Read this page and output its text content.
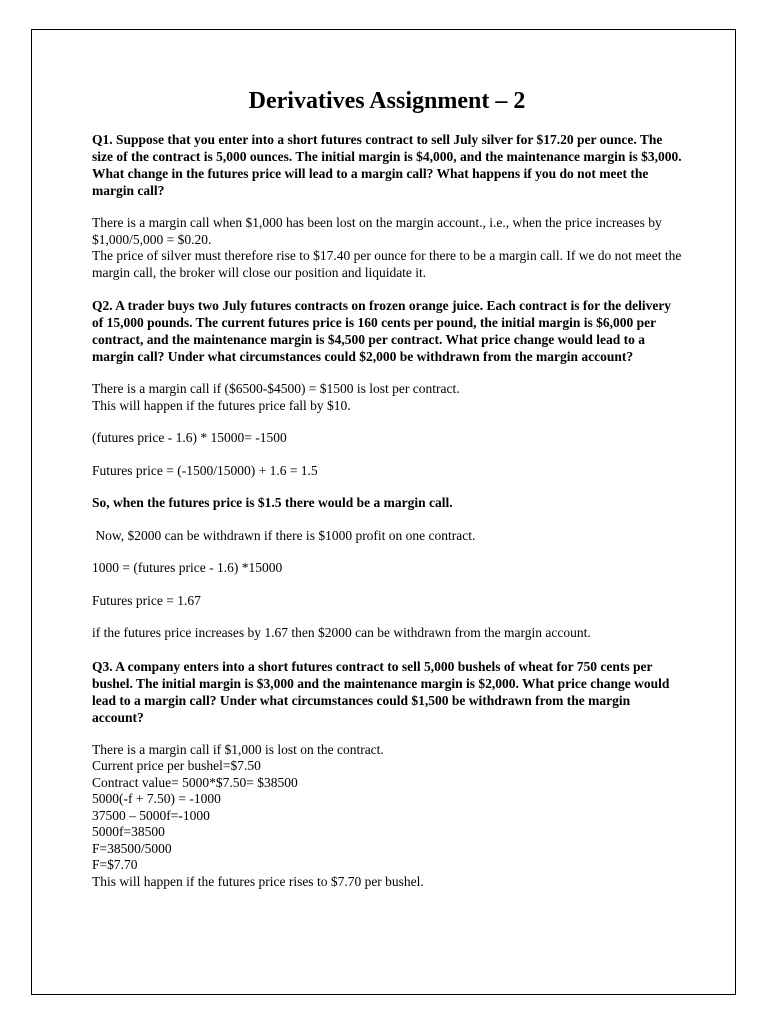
Derivatives Assignment – 2

Q1. Suppose that you enter into a short futures contract to sell July silver for $17.20 per ounce. The size of the contract is 5,000 ounces. The initial margin is $4,000, and the maintenance margin is $3,000. What change in the futures price will lead to a margin call? What happens if you do not meet the margin call?

There is a margin call when $1,000 has been lost on the margin account., i.e., when the price increases by $1,000/5,000 = $0.20.

The price of silver must therefore rise to $17.40 per ounce for there to be a margin call. If we do not meet the margin call, the broker will close our position and liquidate it.

Q2. A trader buys two July futures contracts on frozen orange juice. Each contract is for the delivery of 15,000 pounds. The current futures price is 160 cents per pound, the initial margin is $6,000 per contract, and the maintenance margin is $4,500 per contract. What price change would lead to a margin call? Under what circumstances could $2,000 be withdrawn from the margin account?

There is a margin call if ($6500-$4500) = $1500 is lost per contract.

This will happen if the futures price fall by $10.

(futures price - 1.6) * 15000= -1500

Futures price = (-1500/15000) + 1.6 = 1.5

So, when the futures price is $1.5 there would be a margin call.

Now, $2000 can be withdrawn if there is $1000 profit on one contract.

1000 = (futures price - 1.6) *15000

Futures price = 1.67

if the futures price increases by 1.67 then $2000 can be withdrawn from the margin account.

Q3. A company enters into a short futures contract to sell 5,000 bushels of wheat for 750 cents per bushel. The initial margin is $3,000 and the maintenance margin is $2,000. What price change would lead to a margin call? Under what circumstances could $1,500 be withdrawn from the margin account?

There is a margin call if $1,000 is lost on the contract.

Current price per bushel=$7.50

Contract value= 5000*$7.50= $38500

5000(-f + 7.50) = -1000

37500 – 5000f=-1000

5000f=38500

F=38500/5000

F=$7.70

This will happen if the futures price rises to $7.70 per bushel.
